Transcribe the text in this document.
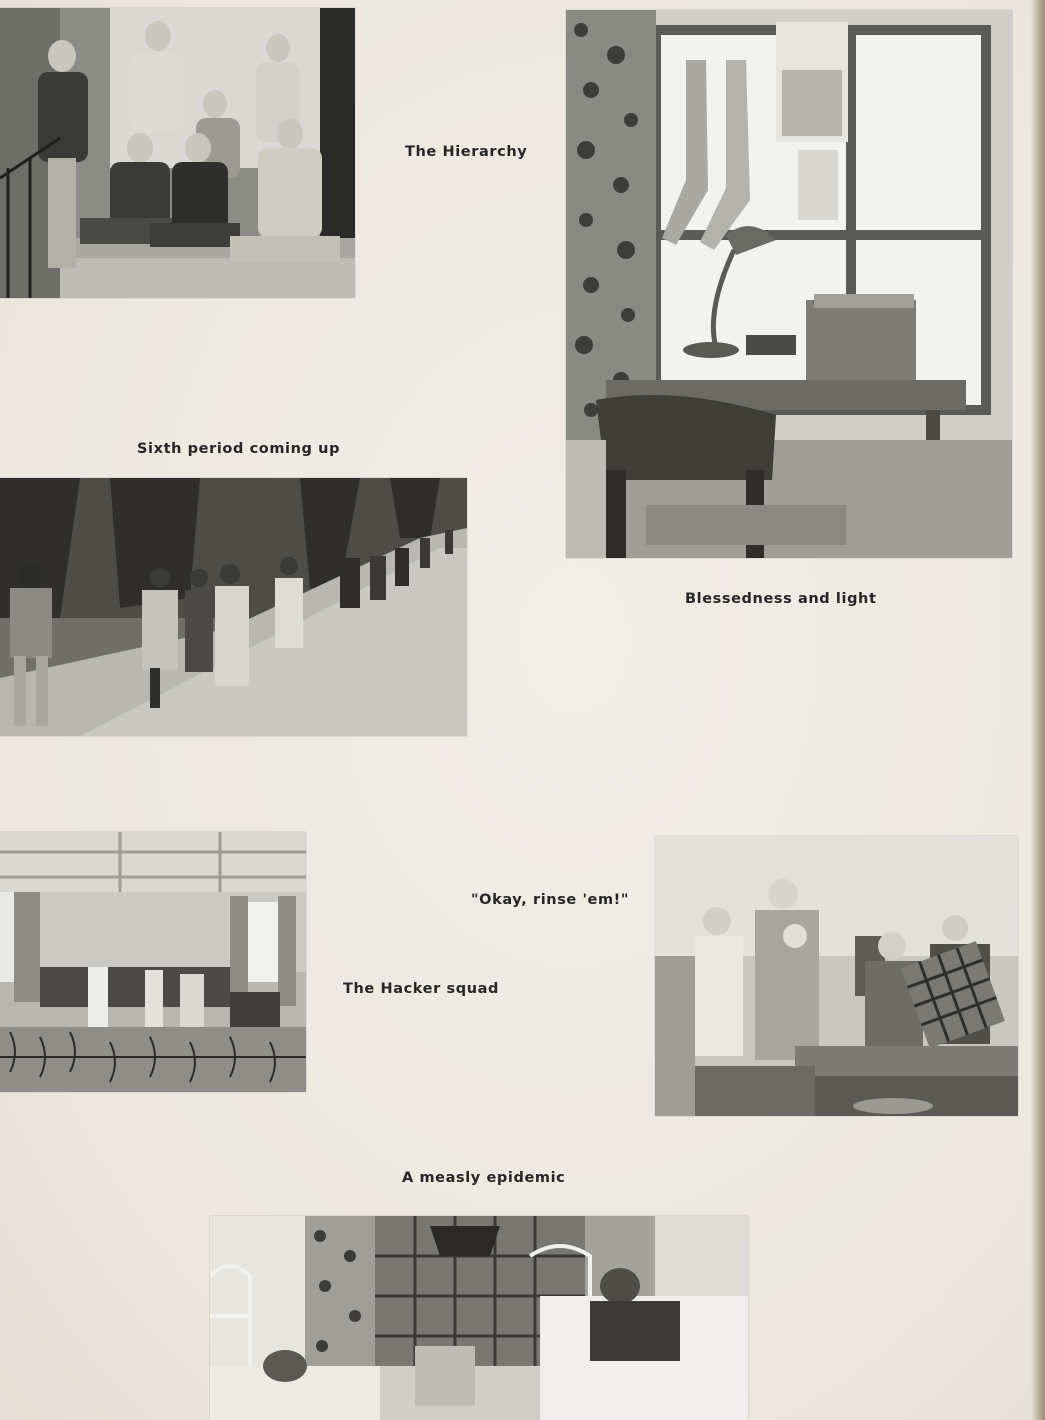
The Hierarchy
Blessedness and light
Sixth period coming up
"Okay, rinse 'em!"
The Hacker squad
A measly epidemic
